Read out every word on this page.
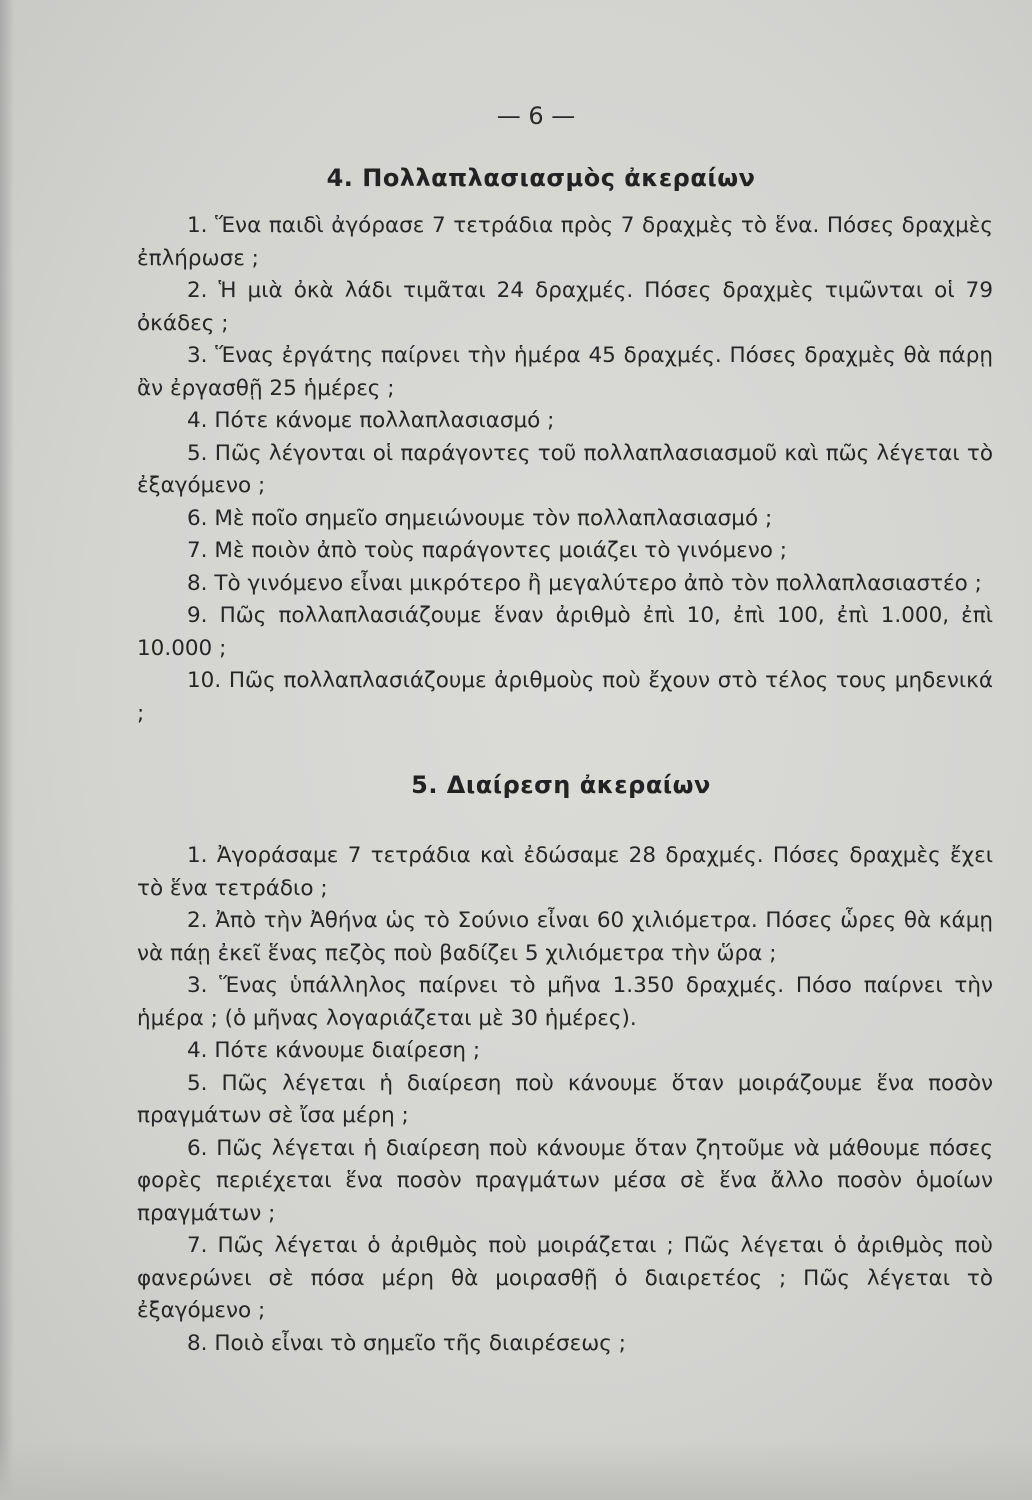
— 6 —
4. Πολλαπλασιασμὸς ἀκεραίων

1. Ἕνα παιδὶ ἀγόρασε 7 τετράδια πρὸς 7 δραχμὲς τὸ ἕνα. Πόσες δραχμὲς ἐπλήρωσε ;

2. Ἡ μιὰ ὀκὰ λάδι τιμᾶται 24 δραχμές. Πόσες δραχμὲς τιμῶνται οἱ 79 ὀκάδες ;

3. Ἕνας ἐργάτης παίρνει τὴν ἡμέρα 45 δραχμές. Πόσες δραχμὲς θὰ πάρῃ ἂν ἐργασθῇ 25 ἡμέρες ;

4. Πότε κάνομε πολλαπλασιασμό ;

5. Πῶς λέγονται οἱ παράγοντες τοῦ πολλαπλασιασμοῦ καὶ πῶς λέγεται τὸ ἐξαγόμενο ;

6. Μὲ ποῖο σημεῖο σημειώνουμε τὸν πολλαπλασιασμό ;

7. Μὲ ποιὸν ἀπὸ τοὺς παράγοντες μοιάζει τὸ γινόμενο ;

8. Τὸ γινόμενο εἶναι μικρότερο ἢ μεγαλύτερο ἀπὸ τὸν πολλαπλασιαστέο ;

9. Πῶς πολλαπλασιάζουμε ἕναν ἀριθμὸ ἐπὶ 10, ἐπὶ 100, ἐπὶ 1.000, ἐπὶ 10.000 ;

10. Πῶς πολλαπλασιάζουμε ἀριθμοὺς ποὺ ἔχουν στὸ τέλος τους μηδενικά ;

5. Διαίρεση ἀκεραίων

1. Ἀγοράσαμε 7 τετράδια καὶ ἐδώσαμε 28 δραχμές. Πόσες δραχμὲς ἔχει τὸ ἕνα τετράδιο ;

2. Ἀπὸ τὴν Ἀθήνα ὡς τὸ Σούνιο εἶναι 60 χιλιόμετρα. Πόσες ὧρες θὰ κάμῃ νὰ πάῃ ἐκεῖ ἕνας πεζὸς ποὺ βαδίζει 5 χιλιόμετρα τὴν ὥρα ;

3. Ἕνας ὑπάλληλος παίρνει τὸ μῆνα 1.350 δραχμές. Πόσο παίρνει τὴν ἡμέρα ; (ὁ μῆνας λογαριάζεται μὲ 30 ἡμέρες).

4. Πότε κάνουμε διαίρεση ;

5. Πῶς λέγεται ἡ διαίρεση ποὺ κάνουμε ὅταν μοιράζουμε ἕνα ποσὸν πραγμάτων σὲ ἴσα μέρη ;

6. Πῶς λέγεται ἡ διαίρεση ποὺ κάνουμε ὅταν ζητοῦμε νὰ μάθουμε πόσες φορὲς περιέχεται ἕνα ποσὸν πραγμάτων μέσα σὲ ἕνα ἄλλο ποσὸν ὁμοίων πραγμάτων ;

7. Πῶς λέγεται ὁ ἀριθμὸς ποὺ μοιράζεται ; Πῶς λέγεται ὁ ἀριθμὸς ποὺ φανερώνει σὲ πόσα μέρη θὰ μοιρασθῇ ὁ διαιρετέος ; Πῶς λέγεται τὸ ἐξαγόμενο ;

8. Ποιὸ εἶναι τὸ σημεῖο τῆς διαιρέσεως ;
